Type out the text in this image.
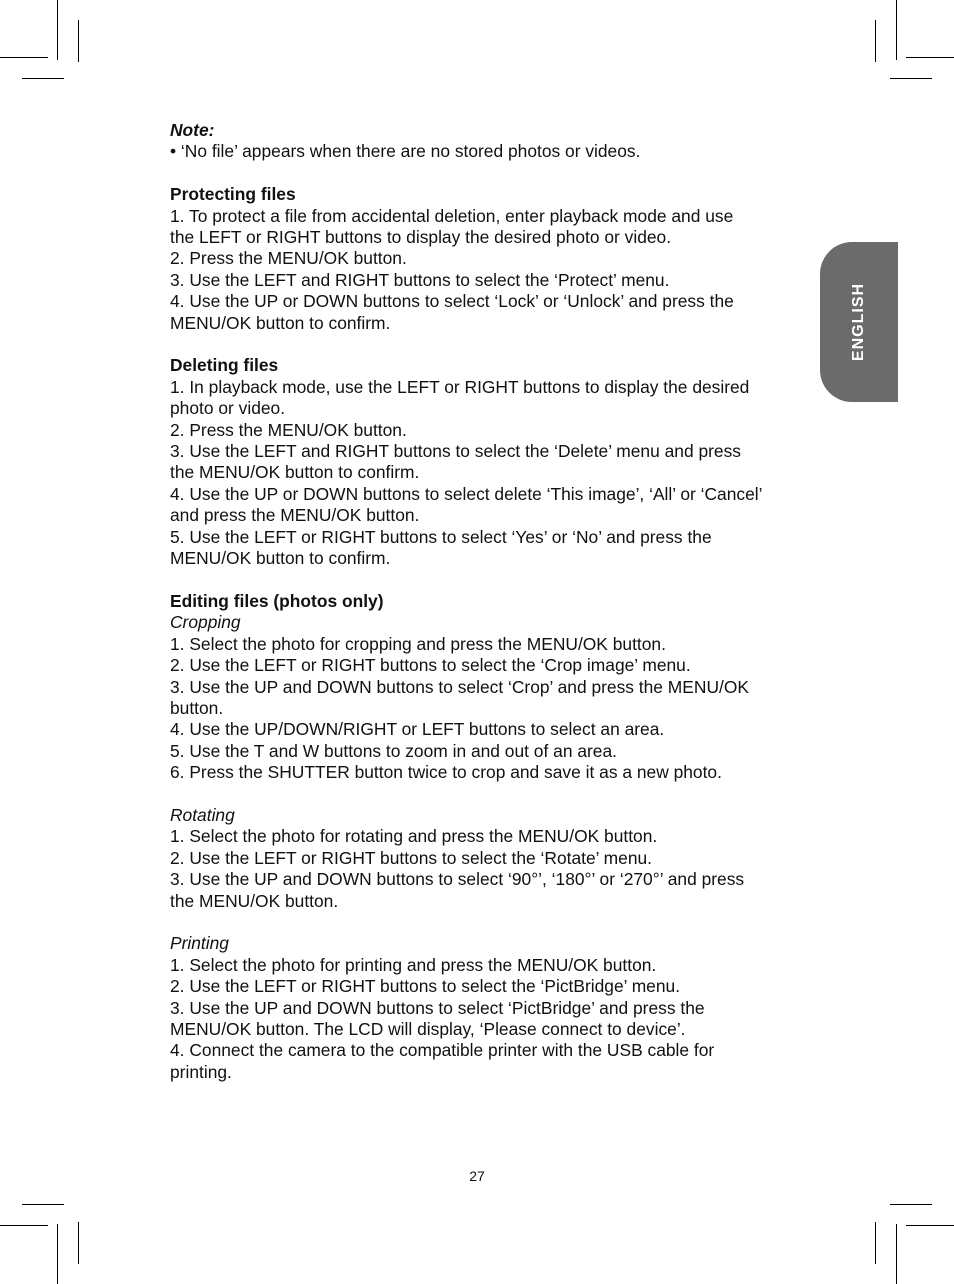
ENGLISH

Note:

• ‘No file’ appears when there are no stored photos or videos.

Protecting files

1. To protect a file from accidental deletion, enter playback mode and use

the LEFT or RIGHT buttons to display the desired photo or video.

2. Press the MENU/OK button.

3. Use the LEFT and RIGHT buttons to select the ‘Protect’ menu.

4. Use the UP or DOWN buttons to select ‘Lock’ or ‘Unlock’ and press the

MENU/OK button to confirm.

Deleting files

1. In playback mode, use the LEFT or RIGHT buttons to display the desired

photo or video.

2. Press the MENU/OK button.

3. Use the LEFT and RIGHT buttons to select the ‘Delete’ menu and press

the MENU/OK button to confirm.

4. Use the UP or DOWN buttons to select delete ‘This image’, ‘All’ or ‘Cancel’

and press the MENU/OK button.

5. Use the LEFT or RIGHT buttons to select ‘Yes’ or ‘No’ and press the

MENU/OK button to confirm.

Editing files (photos only)

Cropping

1. Select the photo for cropping and press the MENU/OK button.

2. Use the LEFT or RIGHT buttons to select the ‘Crop image’ menu.

3. Use the UP and DOWN buttons to select ‘Crop’ and press the MENU/OK

button.

4. Use the UP/DOWN/RIGHT or LEFT buttons to select an area.

5. Use the T and W buttons to zoom in and out of an area.

6. Press the SHUTTER button twice to crop and save it as a new photo.

Rotating

1. Select the photo for rotating and press the MENU/OK button.

2. Use the LEFT or RIGHT buttons to select the ‘Rotate’ menu.

3. Use the UP and DOWN buttons to select ‘90°’, ‘180°’ or ‘270°’ and press

the MENU/OK button.

Printing

1. Select the photo for printing and press the MENU/OK button.

2. Use the LEFT or RIGHT buttons to select the ‘PictBridge’ menu.

3. Use the UP and DOWN buttons to select ‘PictBridge’ and press the

MENU/OK button. The LCD will display, ‘Please connect to device’.

4. Connect the camera to the compatible printer with the USB cable for

printing.

27
